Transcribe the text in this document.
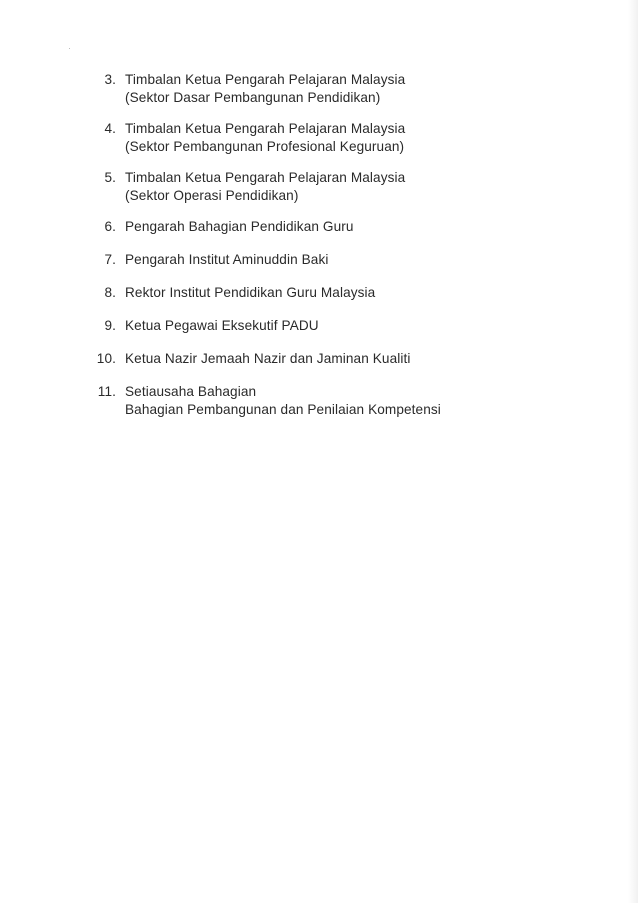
3. Timbalan Ketua Pengarah Pelajaran Malaysia
(Sektor Dasar Pembangunan Pendidikan)
4. Timbalan Ketua Pengarah Pelajaran Malaysia
(Sektor Pembangunan Profesional Keguruan)
5. Timbalan Ketua Pengarah Pelajaran Malaysia
(Sektor Operasi Pendidikan)
6. Pengarah Bahagian Pendidikan Guru
7. Pengarah Institut Aminuddin Baki
8. Rektor Institut Pendidikan Guru Malaysia
9. Ketua Pegawai Eksekutif PADU
10. Ketua Nazir Jemaah Nazir dan Jaminan Kualiti
11. Setiausaha Bahagian
Bahagian Pembangunan dan Penilaian Kompetensi
